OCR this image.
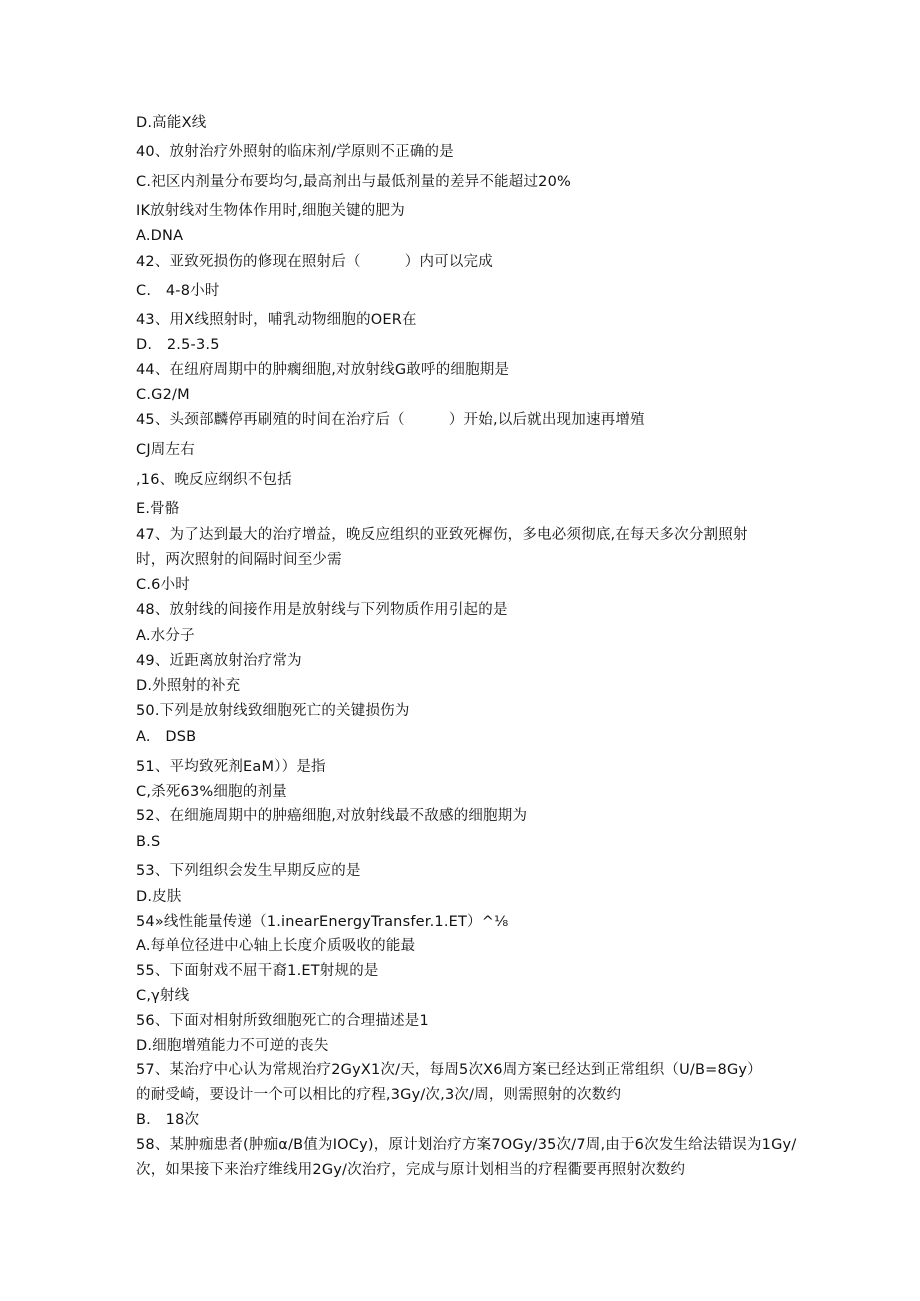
D.高能X线
40、放射治疗外照射的临床剂/学原则不正确的是
C.祀区内剂量分布要均匀,最高剂出与最低剂量的差异不能超过20%
IK放射线对生物体作用时,细胞关键的肥为
A.DNA
42、亚致死损伤的修现在照射后（　　　）内可以完成
C.　4-8小时
43、用X线照射时，哺乳动物细胞的OER在
D.　2.5-3.5
44、在纽府周期中的肿瘸细胞,对放射线G敢呼的细胞期是
C.G2/M
45、头颈部麟停再刷殖的时间在治疗后（　　　）开始,以后就出现加速再增殖
CJ周左右
,16、晚反应纲织不包括
E.骨骼
47、为了达到最大的治疗增益，晚反应组织的亚致死樨伤，多电必须彻底,在每天多次分割照射
时，两次照射的间隔时间至少需
C.6小时
48、放射线的间接作用是放射线与下列物质作用引起的是
A.水分子
49、近距离放射治疗常为
D.外照射的补充
50.下列是放射线致细胞死亡的关键损伤为
A.　DSB
51、平均致死剂EaM））是指
C,杀死63%细胞的剂量
52、在细施周期中的肿癌细胞,对放射线最不敌感的细胞期为
B.S
53、下列组织会发生早期反应的是
D.皮肤
54»线性能量传递（1.inearEnergyTransfer.1.ET）^⅛
A.每单位径进中心轴上长度介质吸收的能最
55、下面射戏不屈干裔1.ET射规的是
C,γ射线
56、下面对相射所致细胞死亡的合理描述是1
D.细胞增殖能力不可逆的丧失
57、某治疗中心认为常规治疗2GyX1次/天，每周5次X6周方案已经达到正常组织（U/B=8Gy）
的耐受崎，要设计一个可以相比的疗程,3Gy/次,3次/周，则需照射的次数约
B.　18次
58、某肿痂患者(肿痂α/B值为IOCy)，原计划治疗方案7OGy/35次/7周,由于6次发生给法错误为1Gy/
次，如果接下来治疗维线用2Gy/次治疗，完成与原计划相当的疗程衢要再照射次数约
